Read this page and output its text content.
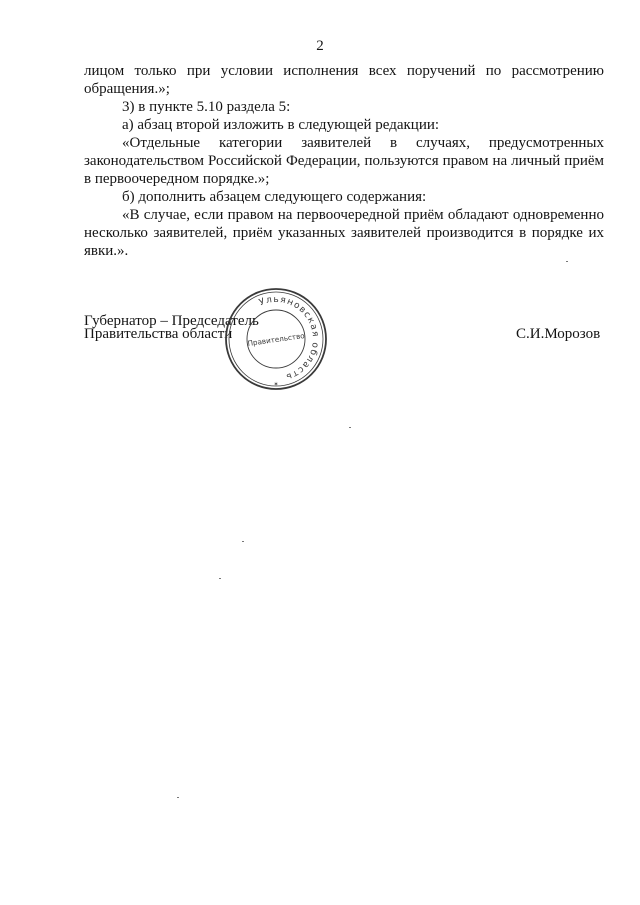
2
лицом только при условии исполнения всех поручений по рассмотрению обращения.»;
3) в пункте 5.10 раздела 5:
а) абзац второй изложить в следующей редакции:
«Отдельные категории заявителей в случаях, предусмотренных законодательством Российской Федерации, пользуются правом на личный приём в первоочередном порядке.»;
б) дополнить абзацем следующего содержания:
«В случае, если правом на первоочередной приём обладают одновременно несколько заявителей, приём указанных заявителей производится в порядке их явки.».
Губернатор – Председатель
Правительства области	С.И.Морозов
Ульяновская область
Правительство
✶
